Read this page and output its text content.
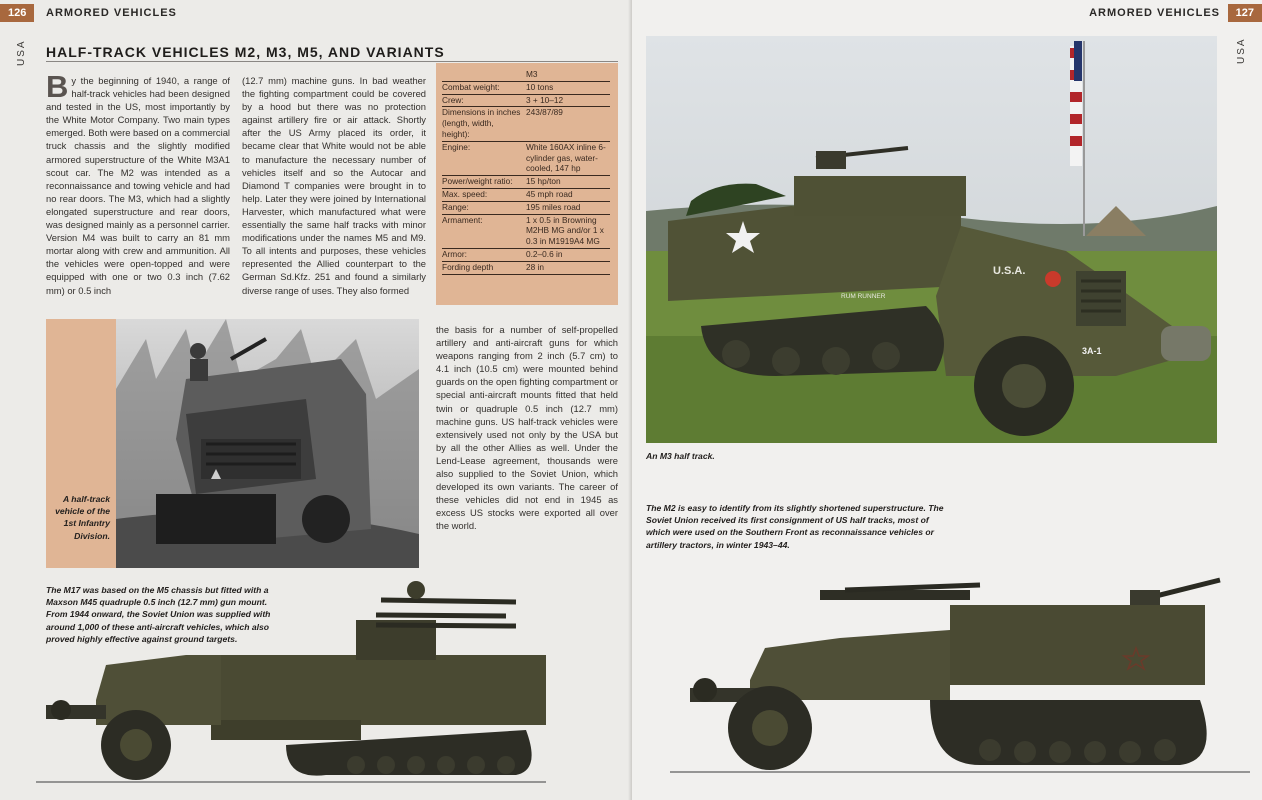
126	ARMORED VEHICLES
USA HALF-TRACK VEHICLES M2, M3, M5, AND VARIANTS
B y the beginning of 1940, a range of half-track vehicles had been designed and tested in the US, most importantly by the White Motor Company. Two main types emerged. Both were based on a commercial truck chassis and the slightly modified armored superstructure of the White M3A1 scout car. The M2 was intended as a reconnaissance and towing vehicle and had no rear doors. The M3, which had a slightly elongated superstructure and rear doors, was designed mainly as a personnel carrier. Version M4 was built to carry an 81 mm mortar along with crew and ammunition. All the vehicles were open-topped and were equipped with one or two 0.3 inch (7.62 mm) or 0.5 inch
(12.7 mm) machine guns. In bad weather the fighting compartment could be covered by a hood but there was no protection against artillery fire or air attack. Shortly after the US Army placed its order, it became clear that White would not be able to manufacture the necessary number of vehicles itself and so the Autocar and Diamond T companies were brought in to help. Later they were joined by International Harvester, which manufactured what were essentially the same half tracks with minor modifications under the names M5 and M9. To all intents and purposes, these vehicles represented the Allied counterpart to the German Sd.Kfz. 251 and found a similarly diverse range of uses. They also formed
	M3
Combat weight:	10 tons
Crew:	3 + 10–12
Dimensions in inches (length, width, height):	243/87/89
Engine:	White 160AX inline 6-cylinder gas, water-cooled, 147 hp
Power/weight ratio:	15 hp/ton
Max. speed:	45 mph road
Range:	195 miles road
Armament:	1 x 0.5 in Browning M2HB MG and/or 1 x 0.3 in M1919A4 MG
Armor:	0.2–0.6 in
Fording depth	28 in
A half-track vehicle of the 1st Infantry Division.
the basis for a number of self-propelled artillery and anti-aircraft guns for which weapons ranging from 2 inch (5.7 cm) to 4.1 inch (10.5 cm) were mounted behind guards on the open fighting compartment or special anti-aircraft mounts fitted that held twin or quadruple 0.5 inch (12.7 mm) machine guns. US half-track vehicles were extensively used not only by the USA but by all the other Allies as well. Under the Lend-Lease agreement, thousands were also supplied to the Soviet Union, which developed its own variants. The career of these vehicles did not end in 1945 as excess US stocks were exported all over the world.
The M17 was based on the M5 chassis but fitted with a Maxson M45 quadruple 0.5 inch (12.7 mm) gun mount. From 1944 onward, the Soviet Union was supplied with around 1,000 of these anti-aircraft vehicles, which also proved highly effective against ground targets.
127
ARMORED VEHICLES
USA
U.S.A.
RUM RUNNER
3A-1
An M3 half track.
The M2 is easy to identify from its slightly shortened superstructure. The Soviet Union received its first consignment of US half tracks, most of which were used on the Southern Front as reconnaissance vehicles or artillery tractors, in winter 1943–44.
